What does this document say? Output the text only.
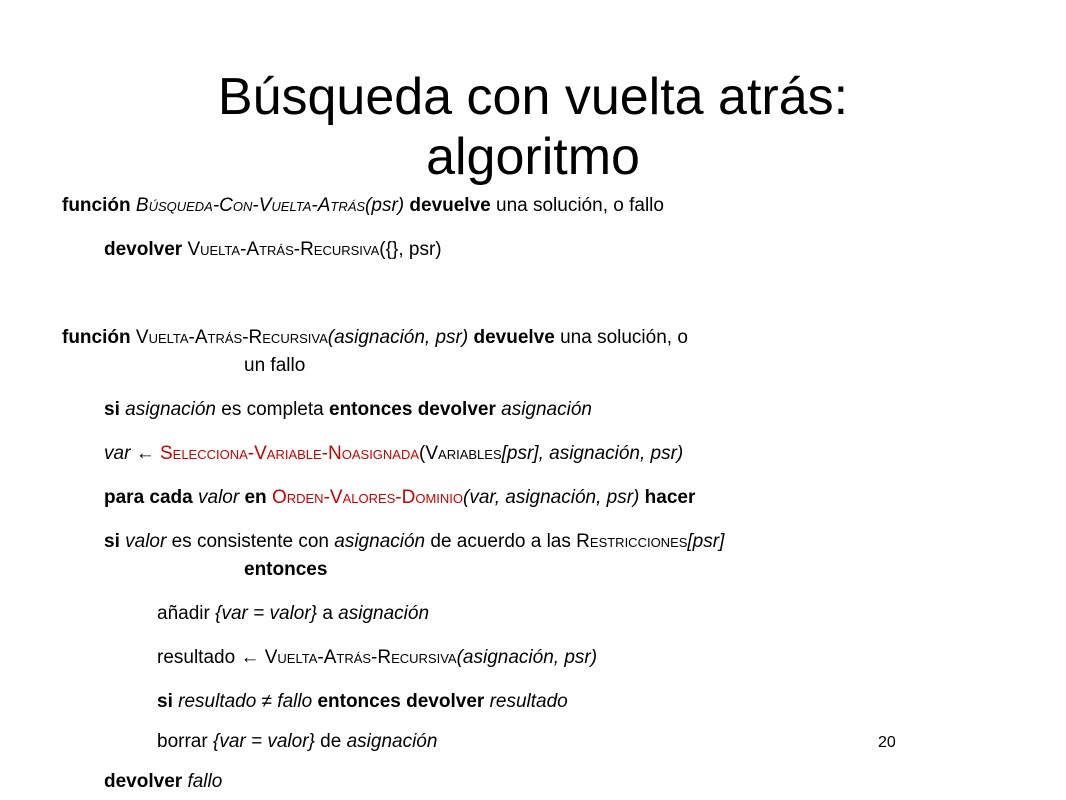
Búsqueda con vuelta atrás:
algoritmo
función Búsqueda-Con-Vuelta-Atrás(psr) devuelve una solución, o fallo
devolver Vuelta-Atrás-Recursiva({}, psr)
función Vuelta-Atrás-Recursiva(asignación, psr) devuelve una solución, o
un fallo
si asignación es completa entonces devolver asignación
var ← Selecciona-Variable-Noasignada(Variables[psr], asignación, psr)
para cada valor en Orden-Valores-Dominio(var, asignación, psr) hacer
si valor es consistente con asignación de acuerdo a las Restricciones[psr]
entonces
añadir {var = valor} a asignación
resultado ← Vuelta-Atrás-Recursiva(asignación, psr)
si resultado ≠ fallo entonces devolver resultado
borrar {var = valor} de asignación	20
devolver fallo
